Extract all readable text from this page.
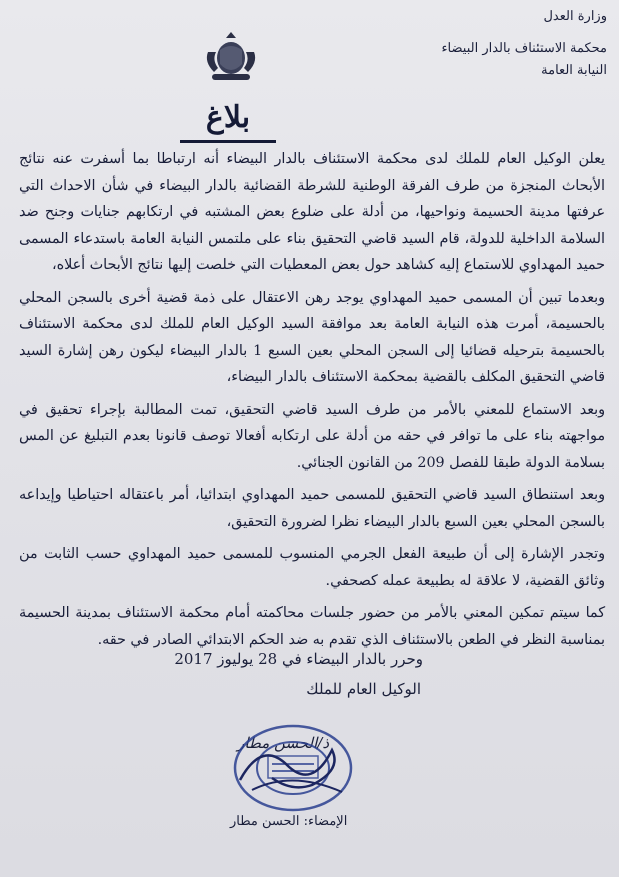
وزارة العدل
محكمة الاستئناف بالدار البيضاء
النيابة العامة
بلاغ

يعلن الوكيل العام للملك لدى محكمة الاستئناف بالدار البيضاء أنه ارتباطا بما أسفرت عنه نتائج الأبحاث المنجزة من طرف الفرقة الوطنية للشرطة القضائية بالدار البيضاء في شأن الاحداث التي عرفتها مدينة الحسيمة ونواحيها، من أدلة على ضلوع بعض المشتبه في ارتكابهم جنايات وجنح ضد السلامة الداخلية للدولة، قام السيد قاضي التحقيق بناء على ملتمس النيابة العامة باستدعاء المسمى حميد المهداوي للاستماع إليه كشاهد حول بعض المعطيات التي خلصت إليها نتائج الأبحاث أعلاه،

وبعدما تبين أن المسمى حميد المهداوي يوجد رهن الاعتقال على ذمة قضية أخرى بالسجن المحلي بالحسيمة، أمرت هذه النيابة العامة بعد موافقة السيد الوكيل العام للملك لدى محكمة الاستئناف بالحسيمة بترحيله قضائيا إلى السجن المحلي بعين السبع 1 بالدار البيضاء ليكون رهن إشارة السيد قاضي التحقيق المكلف بالقضية بمحكمة الاستئناف بالدار البيضاء،

وبعد الاستماع للمعني بالأمر من طرف السيد قاضي التحقيق، تمت المطالبة بإجراء تحقيق في مواجهته بناء على ما توافر في حقه من أدلة على ارتكابه أفعالا توصف قانونا بعدم التبليغ عن المس بسلامة الدولة طبقا للفصل 209 من القانون الجنائي.

وبعد استنطاق السيد قاضي التحقيق للمسمى حميد المهداوي ابتدائيا، أمر باعتقاله احتياطيا وإيداعه بالسجن المحلي بعين السبع بالدار البيضاء نظرا لضرورة التحقيق،

وتجدر الإشارة إلى أن طبيعة الفعل الجرمي المنسوب للمسمى حميد المهداوي حسب الثابت من وثائق القضية، لا علاقة له بطبيعة عمله كصحفي.

كما سيتم تمكين المعني بالأمر من حضور جلسات محاكمته أمام محكمة الاستئناف بمدينة الحسيمة بمناسبة النظر في الطعن بالاستئناف الذي تقدم به ضد الحكم الابتدائي الصادر في حقه.

وحرر بالدار البيضاء في 28 يوليوز 2017
الوكيل العام للملك
ذ/الحسن مطار
الإمضاء: الحسن مطار
